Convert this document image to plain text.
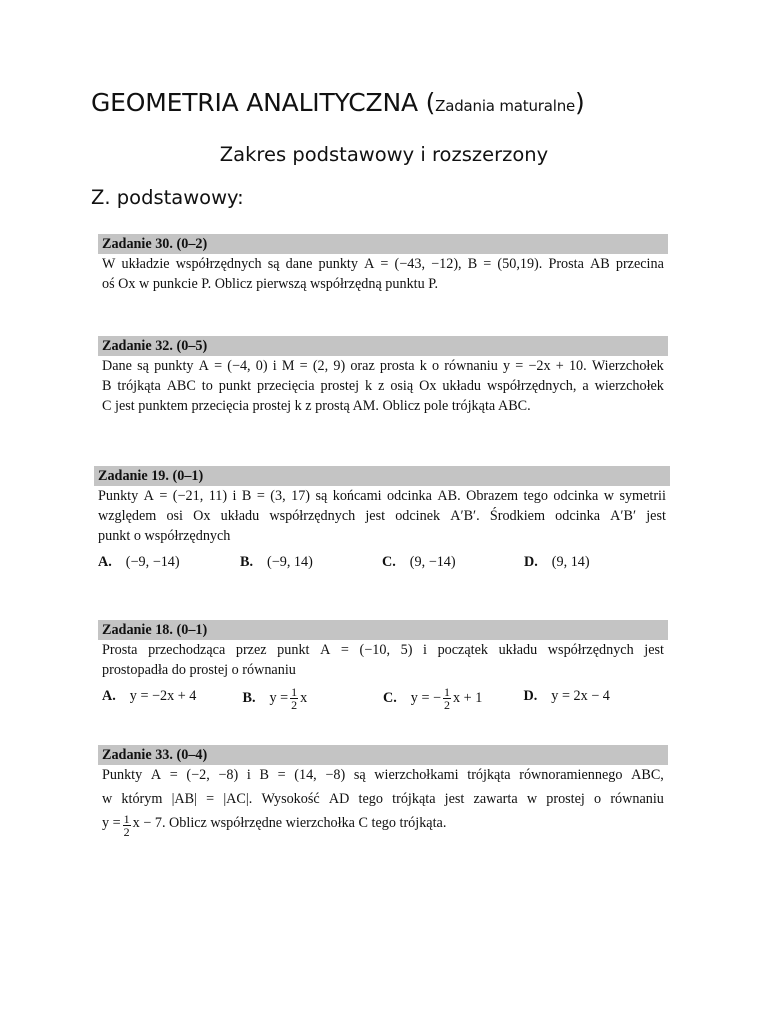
GEOMETRIA ANALITYCZNA (Zadania maturalne)
Zakres podstawowy i rozszerzony
Z. podstawowy:
Zadanie 30. (0–2)
W układzie współrzędnych są dane punkty A = (−43, −12), B = (50,19). Prosta AB przecina
oś Ox w punkcie P. Oblicz pierwszą współrzędną punktu P.
Zadanie 32. (0–5)
Dane są punkty A = (−4, 0) i M = (2, 9) oraz prosta k o równaniu y = −2x + 10. Wierzchołek
B trójkąta ABC to punkt przecięcia prostej k z osią Ox układu współrzędnych, a wierzchołek
C jest punktem przecięcia prostej k z prostą AM. Oblicz pole trójkąta ABC.
Zadanie 19. (0–1)
Punkty A = (−21, 11) i B = (3, 17) są końcami odcinka AB. Obrazem tego odcinka w symetrii
względem osi Ox układu współrzędnych jest odcinek A′B′. Środkiem odcinka A′B′ jest
punkt o współrzędnych
A. (−9, −14)	B. (−9, 14)	C. (9, −14)	D. (9, 14)
Zadanie 18. (0–1)
Prosta przechodząca przez punkt A = (−10, 5) i początek układu współrzędnych jest
prostopadła do prostej o równaniu
A. y = −2x + 4	B. $y = \frac{1}{2}$ x	C. y = − $\frac{1}{2}$ x + 1	D. y = 2x − 4
Zadanie 33. (0–4)
Punkty A = (−2, −8) i B = (14, −8) są wierzchołkami trójkąta równoramiennego ABC,
w którym |AB| = |AC|. Wysokość AD tego trójkąta jest zawarta w prostej o równaniu
$y = \frac{1}{2}$ x − 7. Oblicz współrzędne wierzchołka C tego trójkąta.
